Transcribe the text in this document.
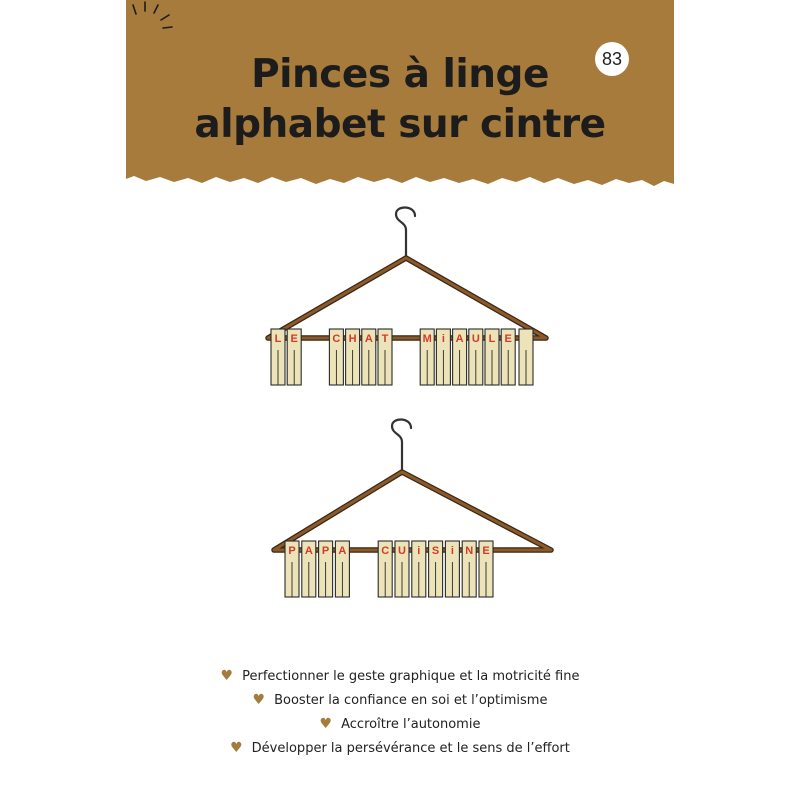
Pinces à linge
alphabet sur cintre
83
L E	C H A T	M i A U L E
P A P A	C U i S i N E
♥ Perfectionner le geste graphique et la motricité fine
♥ Booster la confiance en soi et l’optimisme
♥ Accroître l’autonomie
♥ Développer la persévérance et le sens de l’effort
